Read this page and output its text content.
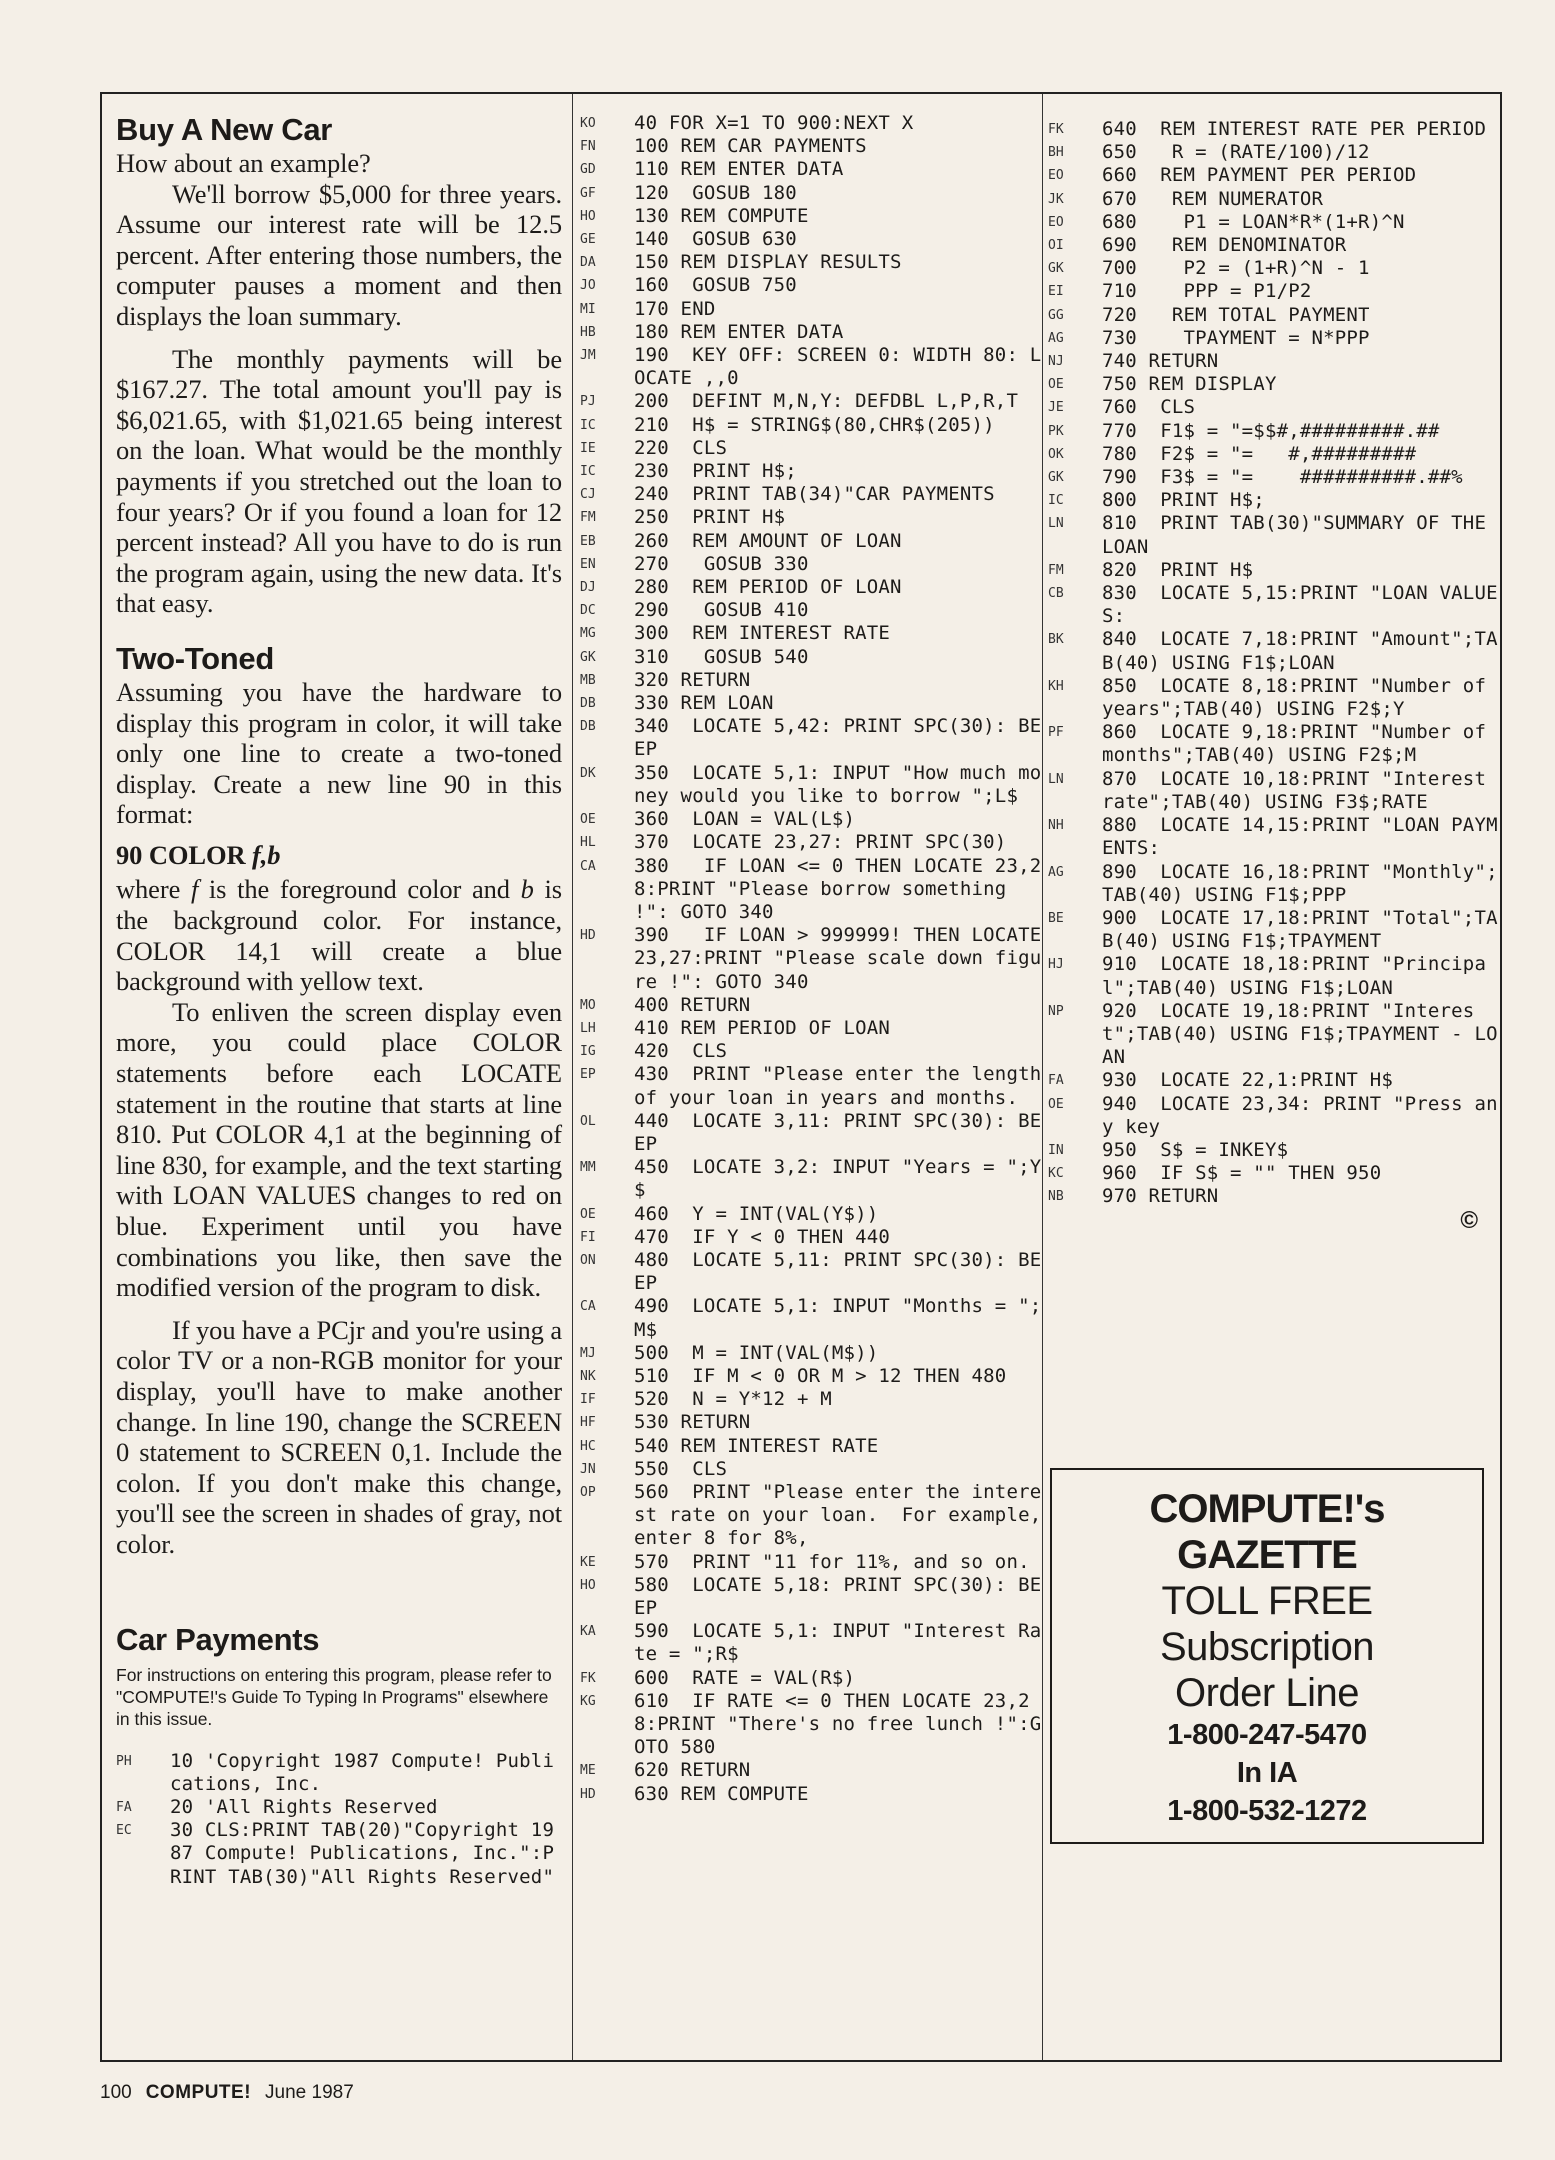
Buy A New Car

How about an example?

We'll borrow $5,000 for three years. Assume our interest rate will be 12.5 percent. After entering those numbers, the computer pauses a moment and then displays the loan summary.

The monthly payments will be $167.27. The total amount you'll pay is $6,021.65, with $1,021.65 being interest on the loan. What would be the monthly payments if you stretched out the loan to four years? Or if you found a loan for 12 percent instead? All you have to do is run the program again, using the new data. It's that easy.

Two-Toned

Assuming you have the hardware to display this program in color, it will take only one line to create a two-toned display. Create a new line 90 in this format:

90 COLOR f,b

where f is the foreground color and b is the background color. For instance, COLOR 14,1 will create a blue background with yellow text.

To enliven the screen display even more, you could place COLOR statements before each LOCATE statement in the routine that starts at line 810. Put COLOR 4,1 at the beginning of line 830, for example, and the text starting with LOAN VALUES changes to red on blue. Experiment until you have combinations you like, then save the modified version of the program to disk.

If you have a PCjr and you're using a color TV or a non-RGB monitor for your display, you'll have to make another change. In line 190, change the SCREEN 0 statement to SCREEN 0,1. Include the colon. If you don't make this change, you'll see the screen in shades of gray, not color.

Car Payments
For instructions on entering this program, please refer to "COMPUTE!'s Guide To Typing In Programs" elsewhere in this issue.
PH 10 'Copyright 1987 Compute! Publications, Inc.
FA 20 'All Rights Reserved
EC 30 CLS:PRINT TAB(20)"Copyright 1987 Compute! Publications, Inc.":PRINT TAB(30)"All Rights Reserved"
KO 40 FOR X=1 TO 900:NEXT X
FN 100 REM CAR PAYMENTS
GD 110 REM ENTER DATA
GF 120  GOSUB 180
HO 130 REM COMPUTE
GE 140  GOSUB 630
DA 150 REM DISPLAY RESULTS
JO 160  GOSUB 750
MI 170 END
HB 180 REM ENTER DATA
JM 190  KEY OFF: SCREEN 0: WIDTH 80: LOCATE ,,0
PJ 200  DEFINT M,N,Y: DEFDBL L,P,R,T
IC 210  H$ = STRING$(80,CHR$(205))
IE 220  CLS
IC 230  PRINT H$;
CJ 240  PRINT TAB(34)"CAR PAYMENTS
FM 250  PRINT H$
EB 260  REM AMOUNT OF LOAN
EN 270   GOSUB 330
DJ 280  REM PERIOD OF LOAN
DC 290   GOSUB 410
MG 300  REM INTEREST RATE
GK 310   GOSUB 540
MB 320 RETURN
DB 330 REM LOAN
DB 340  LOCATE 5,42: PRINT SPC(30): BEEP
DK 350  LOCATE 5,1: INPUT "How much money would you like to borrow ";L$
OE 360  LOAN = VAL(L$)
HL 370  LOCATE 23,27: PRINT SPC(30)
CA 380   IF LOAN <= 0 THEN LOCATE 23,28:PRINT "Please borrow something !": GOTO 340
HD 390   IF LOAN > 999999! THEN LOCATE 23,27:PRINT "Please scale down figure !": GOTO 340
MO 400 RETURN
LH 410 REM PERIOD OF LOAN
IG 420  CLS
EP 430  PRINT "Please enter the length of your loan in years and months.
OL 440  LOCATE 3,11: PRINT SPC(30): BEEP
MM 450  LOCATE 3,2: INPUT "Years = ";Y$
OE 460  Y = INT(VAL(Y$))
FI 470  IF Y < 0 THEN 440
ON 480  LOCATE 5,11: PRINT SPC(30): BEEP
CA 490  LOCATE 5,1: INPUT "Months = ";M$
MJ 500  M = INT(VAL(M$))
NK 510  IF M < 0 OR M > 12 THEN 480
IF 520  N = Y*12 + M
HF 530 RETURN
HC 540 REM INTEREST RATE
JN 550  CLS
OP 560  PRINT "Please enter the interest rate on your loan.  For example, enter 8 for 8%,
KE 570  PRINT "11 for 11%, and so on.
HO 580  LOCATE 5,18: PRINT SPC(30): BEEP
KA 590  LOCATE 5,1: INPUT "Interest Rate = ";R$
FK 600  RATE = VAL(R$)
KG 610  IF RATE <= 0 THEN LOCATE 23,28:PRINT "There's no free lunch !":GOTO 580
ME 620 RETURN
HD 630 REM COMPUTE
FK 640  REM INTEREST RATE PER PERIOD
BH 650   R = (RATE/100)/12
EO 660  REM PAYMENT PER PERIOD
JK 670   REM NUMERATOR
EO 680    P1 = LOAN*R*(1+R)^N
OI 690   REM DENOMINATOR
GK 700    P2 = (1+R)^N - 1
EI 710    PPP = P1/P2
GG 720   REM TOTAL PAYMENT
AG 730    TPAYMENT = N*PPP
NJ 740 RETURN
OE 750 REM DISPLAY
JE 760  CLS
PK 770  F1$ = "=$$#,#########.##
OK 780  F2$ = "=   #,#########
GK 790  F3$ = "=    ##########.##%
IC 800  PRINT H$;
LN 810  PRINT TAB(30)"SUMMARY OF THE LOAN
FM 820  PRINT H$
CB 830  LOCATE 5,15:PRINT "LOAN VALUES:
BK 840  LOCATE 7,18:PRINT "Amount";TAB(40) USING F1$;LOAN
KH 850  LOCATE 8,18:PRINT "Number of years";TAB(40) USING F2$;Y
PF 860  LOCATE 9,18:PRINT "Number of months";TAB(40) USING F2$;M
LN 870  LOCATE 10,18:PRINT "Interest rate";TAB(40) USING F3$;RATE
NH 880  LOCATE 14,15:PRINT "LOAN PAYMENTS:
AG 890  LOCATE 16,18:PRINT "Monthly";TAB(40) USING F1$;PPP
BE 900  LOCATE 17,18:PRINT "Total";TAB(40) USING F1$;TPAYMENT
HJ 910  LOCATE 18,18:PRINT "Principal";TAB(40) USING F1$;LOAN
NP 920  LOCATE 19,18:PRINT "Interest";TAB(40) USING F1$;TPAYMENT - LOAN
FA 930  LOCATE 22,1:PRINT H$
OE 940  LOCATE 23,34: PRINT "Press any key
IN 950  S$ = INKEY$
KC 960  IF S$ = "" THEN 950
NB 970 RETURN
©
COMPUTE!'s
GAZETTE
TOLL FREE
Subscription
Order Line
1-800-247-5470
In IA
1-800-532-1272
100 COMPUTE! June 1987
